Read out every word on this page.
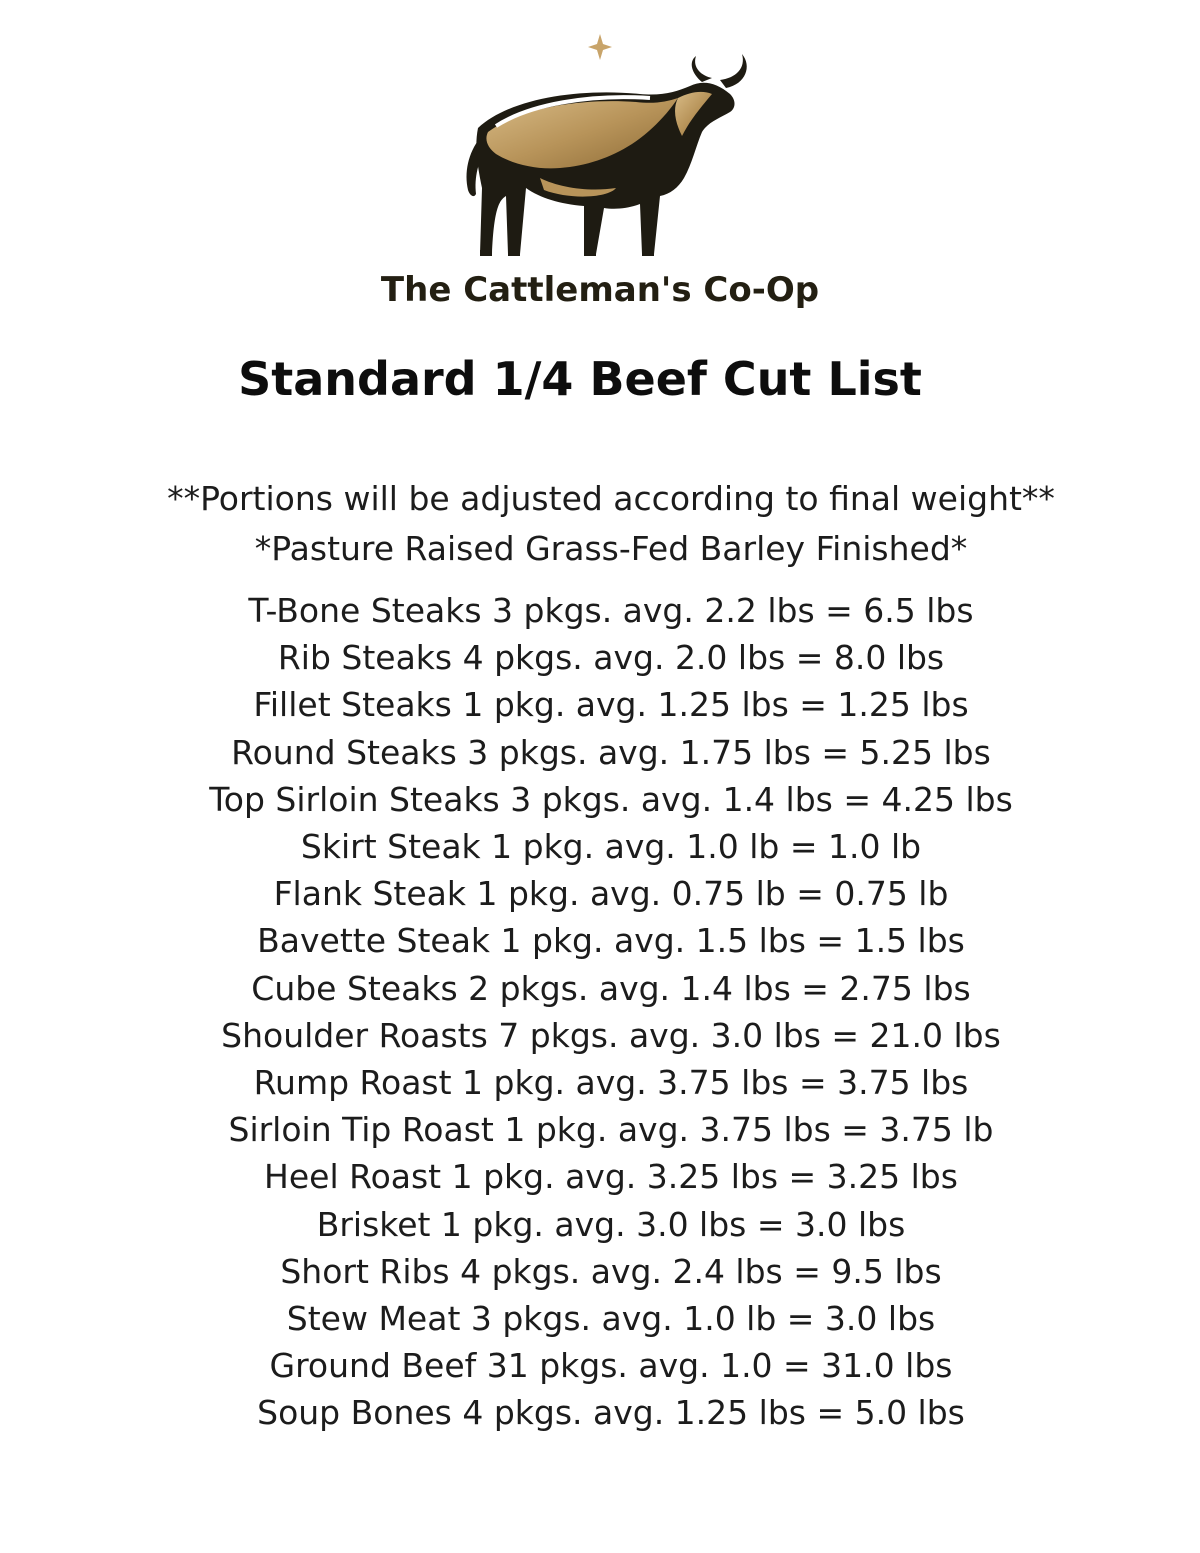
The Cattleman's Co-Op
Standard 1/4 Beef Cut List
**Portions will be adjusted according to final weight**
*Pasture Raised Grass-Fed Barley Finished*
T-Bone Steaks 3 pkgs. avg. 2.2 lbs = 6.5 lbs
Rib Steaks 4 pkgs. avg. 2.0 lbs = 8.0 lbs
Fillet Steaks 1 pkg. avg. 1.25 lbs = 1.25 lbs
Round Steaks 3 pkgs. avg. 1.75 lbs = 5.25 lbs
Top Sirloin Steaks 3 pkgs. avg. 1.4 lbs = 4.25 lbs
Skirt Steak 1 pkg. avg. 1.0 lb = 1.0 lb
Flank Steak 1 pkg. avg. 0.75 lb = 0.75 lb
Bavette Steak 1 pkg. avg. 1.5 lbs = 1.5 lbs
Cube Steaks 2 pkgs. avg. 1.4 lbs = 2.75 lbs
Shoulder Roasts 7 pkgs. avg. 3.0 lbs = 21.0 lbs
Rump Roast 1 pkg. avg. 3.75 lbs = 3.75 lbs
Sirloin Tip Roast 1 pkg. avg. 3.75 lbs = 3.75 lb
Heel Roast 1 pkg. avg. 3.25 lbs = 3.25 lbs
Brisket 1 pkg. avg. 3.0 lbs = 3.0 lbs
Short Ribs 4 pkgs. avg. 2.4 lbs = 9.5 lbs
Stew Meat 3 pkgs. avg. 1.0 lb = 3.0 lbs
Ground Beef 31 pkgs. avg. 1.0 = 31.0 lbs
Soup Bones 4 pkgs. avg. 1.25 lbs = 5.0 lbs
